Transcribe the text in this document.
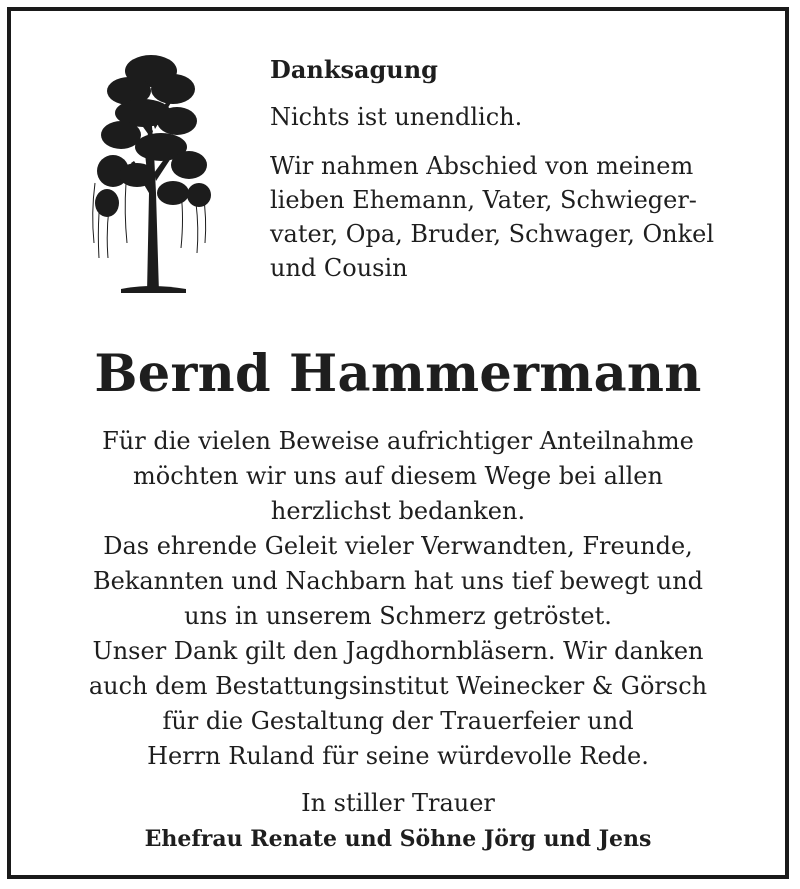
Danksagung

Nichts ist unendlich.

Wir nahmen Abschied von meinem
lieben Ehemann, Vater, Schwieger-
vater, Opa, Bruder, Schwager, Onkel
und Cousin

Bernd Hammermann

Für die vielen Beweise aufrichtiger Anteilnahme
möchten wir uns auf diesem Wege bei allen
herzlichst bedanken.
Das ehrende Geleit vieler Verwandten, Freunde,
Bekannten und Nachbarn hat uns tief bewegt und
uns in unserem Schmerz getröstet.
Unser Dank gilt den Jagdhornbläsern. Wir danken
auch dem Bestattungsinstitut Weinecker & Görsch
für die Gestaltung der Trauerfeier und
Herrn Ruland für seine würdevolle Rede.

In stiller Trauer

Ehefrau Renate und Söhne Jörg und Jens
